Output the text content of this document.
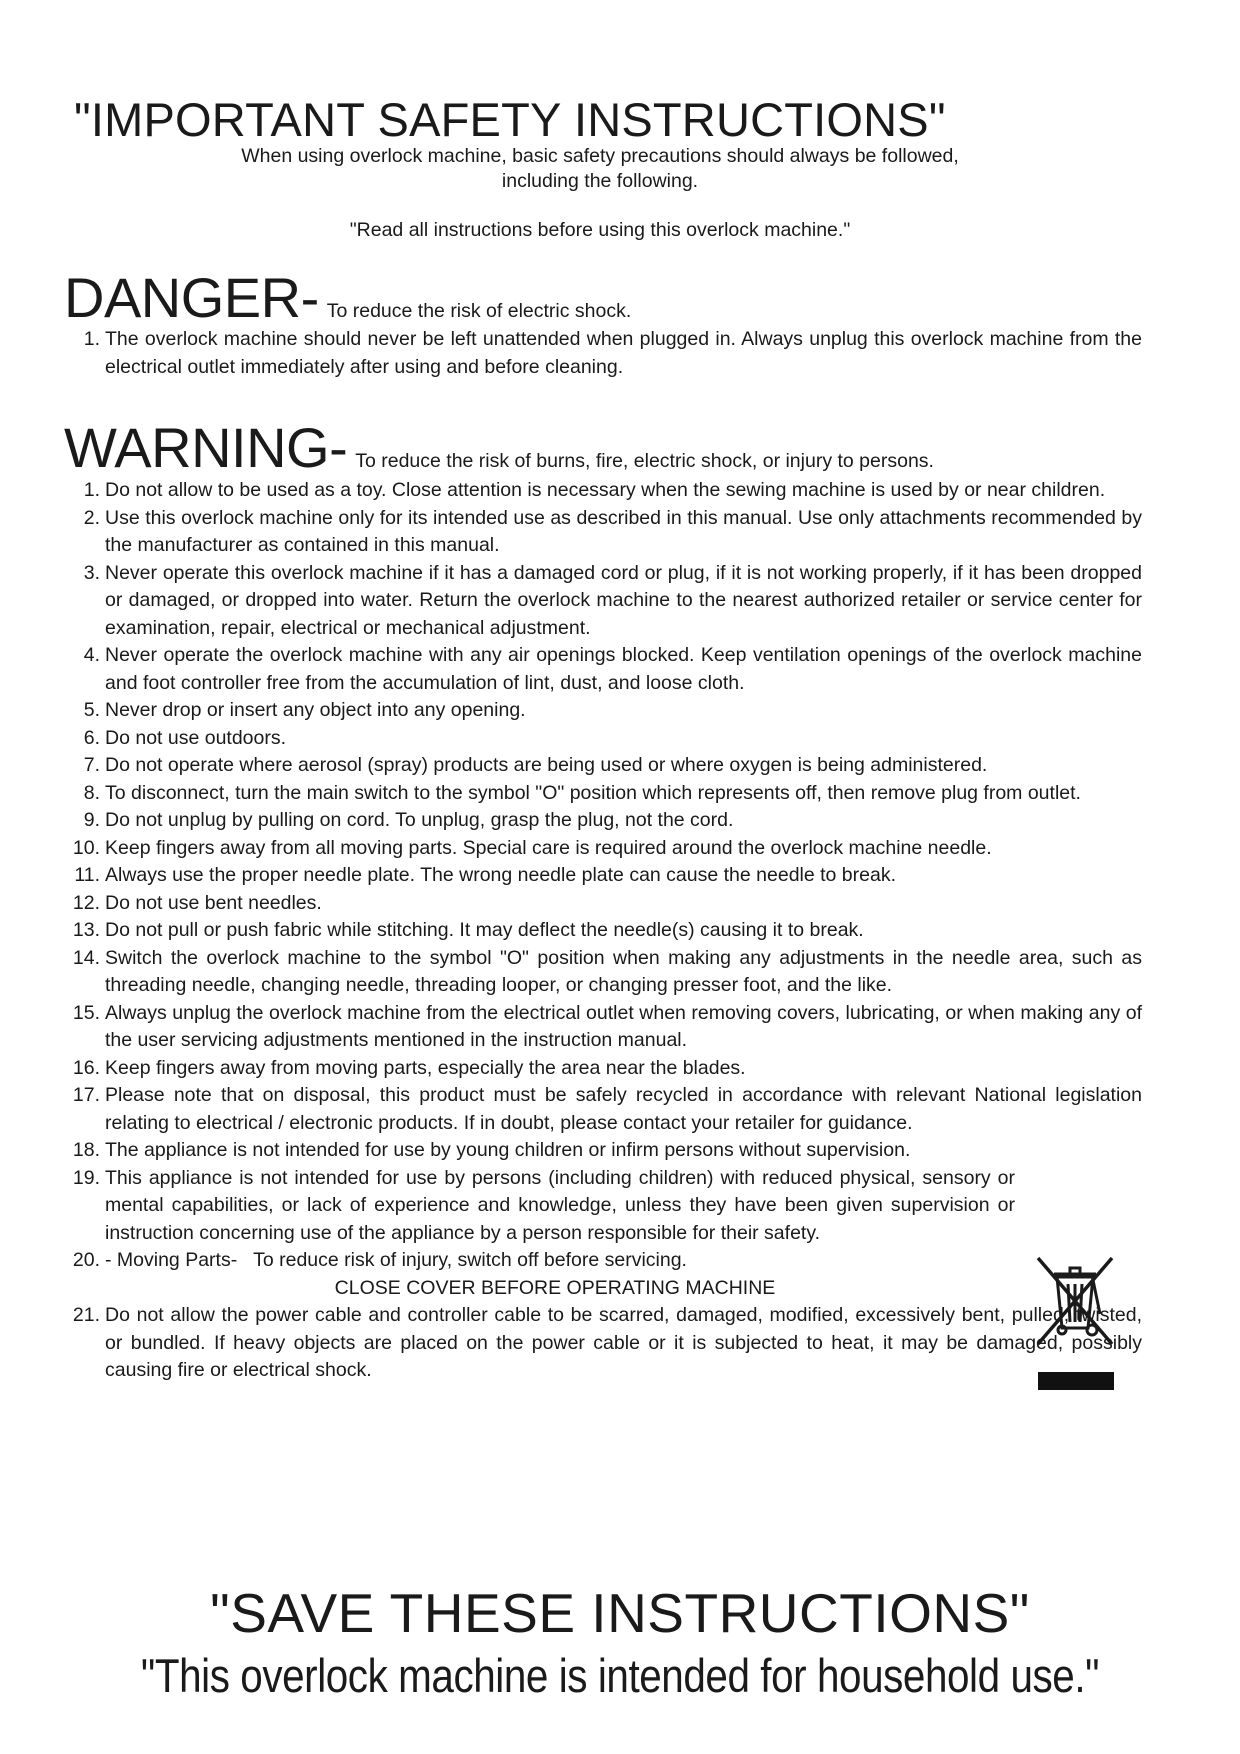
"IMPORTANT SAFETY INSTRUCTIONS"
When using overlock machine, basic safety precautions should always be followed,
including the following.
"Read all instructions before using this overlock machine."
DANGER- To reduce the risk of electric shock.
1. The overlock machine should never be left unattended when plugged in. Always unplug this overlock machine from the electrical outlet immediately after using and before cleaning.
WARNING- To reduce the risk of burns, fire, electric shock, or injury to persons.
1. Do not allow to be used as a toy. Close attention is necessary when the sewing machine is used by or near children.
2. Use this overlock machine only for its intended use as described in this manual. Use only attachments recommended by the manufacturer as contained in this manual.
3. Never operate this overlock machine if it has a damaged cord or plug, if it is not working properly, if it has been dropped or damaged, or dropped into water. Return the overlock machine to the nearest authorized retailer or service center for examination, repair, electrical or mechanical adjustment.
4. Never operate the overlock machine with any air openings blocked. Keep ventilation openings of the overlock machine and foot controller free from the accumulation of lint, dust, and loose cloth.
5. Never drop or insert any object into any opening.
6. Do not use outdoors.
7. Do not operate where aerosol (spray) products are being used or where oxygen is being administered.
8. To disconnect, turn the main switch to the symbol "O" position which represents off, then remove plug from outlet.
9. Do not unplug by pulling on cord. To unplug, grasp the plug, not the cord.
10. Keep fingers away from all moving parts. Special care is required around the overlock machine needle.
11. Always use the proper needle plate. The wrong needle plate can cause the needle to break.
12. Do not use bent needles.
13. Do not pull or push fabric while stitching. It may deflect the needle(s) causing it to break.
14. Switch the overlock machine to the symbol "O" position when making any adjustments in the needle area, such as threading needle, changing needle, threading looper, or changing presser foot, and the like.
15. Always unplug the overlock machine from the electrical outlet when removing covers, lubricating, or when making any of the user servicing adjustments mentioned in the instruction manual.
16. Keep fingers away from moving parts, especially the area near the blades.
17. Please note that on disposal, this product must be safely recycled in accordance with relevant National legislation relating to electrical / electronic products. If in doubt, please contact your retailer for guidance.
18. The appliance is not intended for use by young children or infirm persons without supervision.
19. This appliance is not intended for use by persons (including children) with reduced physical, sensory or mental capabilities, or lack of experience and knowledge, unless they have been given supervision or instruction concerning use of the appliance by a person responsible for their safety.
20. - Moving Parts-   To reduce risk of injury, switch off before servicing.
CLOSE COVER BEFORE OPERATING MACHINE
21. Do not allow the power cable and controller cable to be scarred, damaged, modified, excessively bent, pulled, twisted, or bundled. If heavy objects are placed on the power cable or it is subjected to heat, it may be damaged, possibly causing fire or electrical shock.
"SAVE THESE INSTRUCTIONS"
"This overlock machine is intended for household use."
